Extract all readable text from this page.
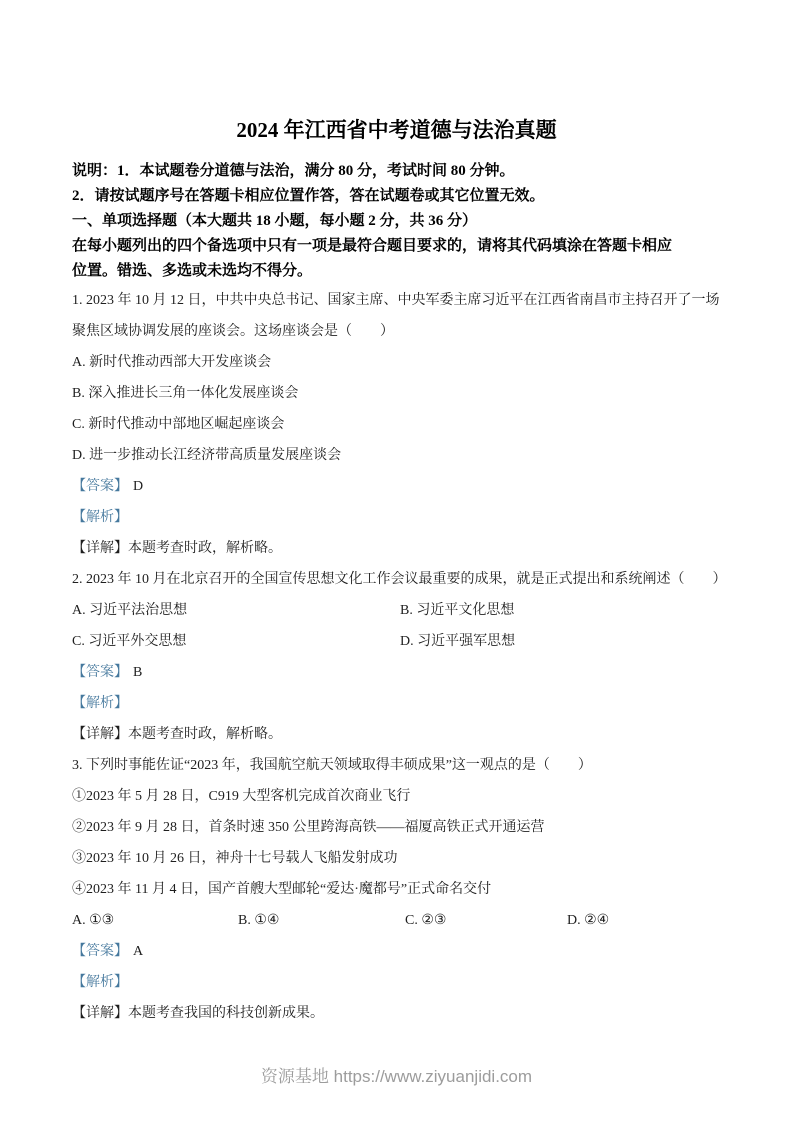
2024 年江西省中考道德与法治真题

说明：1．本试题卷分道德与法治，满分 80 分，考试时间 80 分钟。

2．请按试题序号在答题卡相应位置作答，答在试题卷或其它位置无效。

一、单项选择题（本大题共 18 小题，每小题 2 分，共 36 分）

在每小题列出的四个备选项中只有一项是最符合题目要求的，请将其代码填涂在答题卡相应

位置。错选、多选或未选均不得分。

1. 2023 年 10 月 12 日，中共中央总书记、国家主席、中央军委主席习近平在江西省南昌市主持召开了一场

聚焦区域协调发展的座谈会。这场座谈会是（　　）

A. 新时代推动西部大开发座谈会

B. 深入推进长三角一体化发展座谈会

C. 新时代推动中部地区崛起座谈会

D. 进一步推动长江经济带高质量发展座谈会

【答案】 D

【解析】

【详解】本题考查时政，解析略。

2. 2023 年 10 月在北京召开的全国宣传思想文化工作会议最重要的成果，就是正式提出和系统阐述（　　）

A. 习近平法治思想	B. 习近平文化思想

C. 习近平外交思想	D. 习近平强军思想

【答案】 B

【解析】

【详解】本题考查时政，解析略。

3. 下列时事能佐证“2023 年，我国航空航天领域取得丰硕成果”这一观点的是（　　）

①2023 年 5 月 28 日，C919 大型客机完成首次商业飞行

②2023 年 9 月 28 日，首条时速 350 公里跨海高铁——福厦高铁正式开通运营

③2023 年 10 月 26 日，神舟十七号载人飞船发射成功

④2023 年 11 月 4 日，国产首艘大型邮轮“爱达·魔都号”正式命名交付

A. ①③	B. ①④	C. ②③	D. ②④

【答案】 A

【解析】

【详解】本题考查我国的科技创新成果。

资源基地 https://www.ziyuanjidi.com
